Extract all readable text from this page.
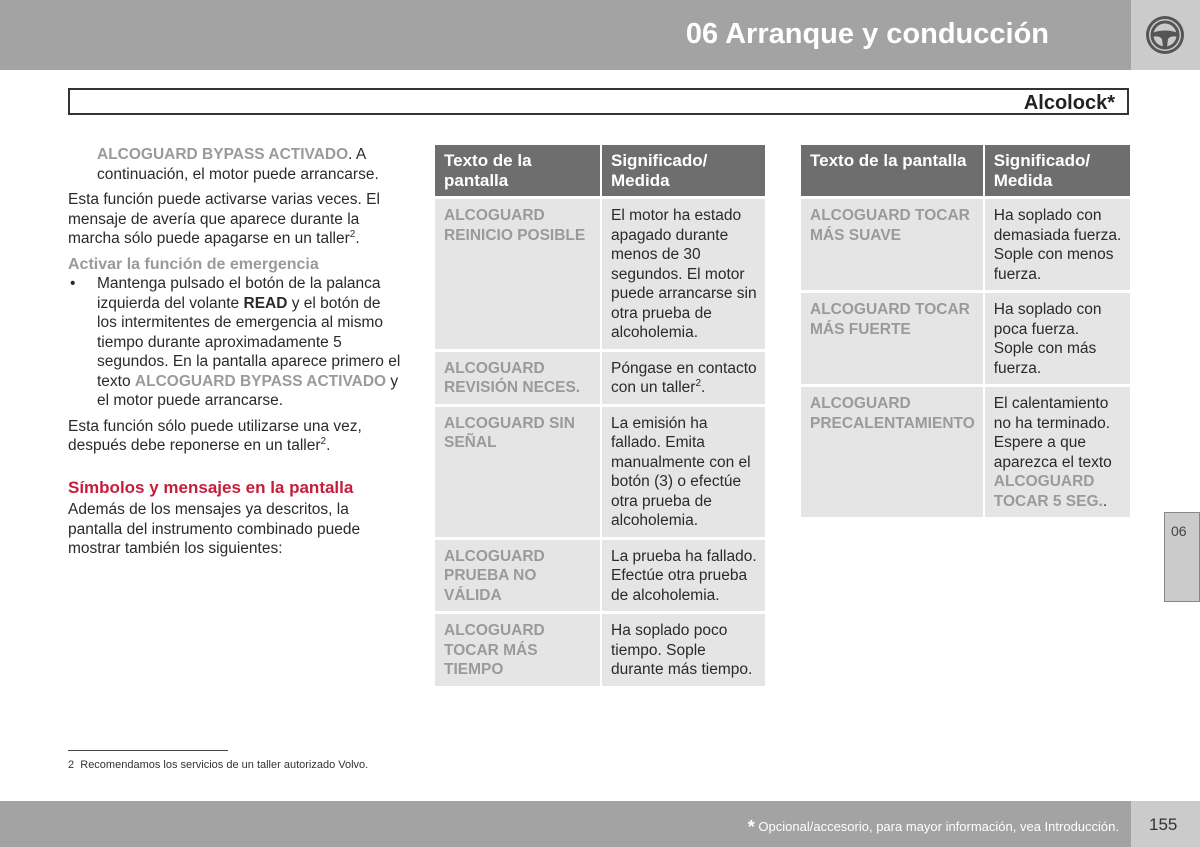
06 Arranque y conducción
Alcolock*

ALCOGUARD BYPASS ACTIVADO. A continuación, el motor puede arrancarse.

Esta función puede activarse varias veces. El mensaje de avería que aparece durante la marcha sólo puede apagarse en un taller$^2$.

Activar la función de emergencia

• Mantenga pulsado el botón de la palanca izquierda del volante READ y el botón de los intermitentes de emergencia al mismo tiempo durante aproximadamente 5 segundos. En la pantalla aparece primero el texto ALCOGUARD BYPASS ACTIVADO y el motor puede arrancarse.

Esta función sólo puede utilizarse una vez, después debe reponerse en un taller$^2$.

Símbolos y mensajes en la pantalla

Además de los mensajes ya descritos, la pantalla del instrumento combinado puede mostrar también los siguientes:

Texto de la pantalla	Significado/ Medida
ALCOGUARD REINICIO POSIBLE	El motor ha estado apagado durante menos de 30 segundos. El motor puede arrancarse sin otra prueba de alcoholemia.
ALCOGUARD REVISIÓN NECES.	Póngase en contacto con un taller$^2$.
ALCOGUARD SIN SEÑAL	La emisión ha fallado. Emita manualmente con el botón (3) o efectúe otra prueba de alcoholemia.
ALCOGUARD PRUEBA NO VÁLIDA	La prueba ha fallado. Efectúe otra prueba de alcoholemia.
ALCOGUARD TOCAR MÁS TIEMPO	Ha soplado poco tiempo. Sople durante más tiempo.
Texto de la pantalla	Significado/ Medida
ALCOGUARD TOCAR MÁS SUAVE	Ha soplado con demasiada fuerza. Sople con menos fuerza.
ALCOGUARD TOCAR MÁS FUERTE	Ha soplado con poca fuerza. Sople con más fuerza.
ALCOGUARD PRECALENTAMIENTO	El calentamiento no ha terminado. Espere a que aparezca el texto ALCOGUARD TOCAR 5 SEG..
06
2 Recomendamos los servicios de un taller autorizado Volvo.
* Opcional/accesorio, para mayor información, vea Introducción. 155
